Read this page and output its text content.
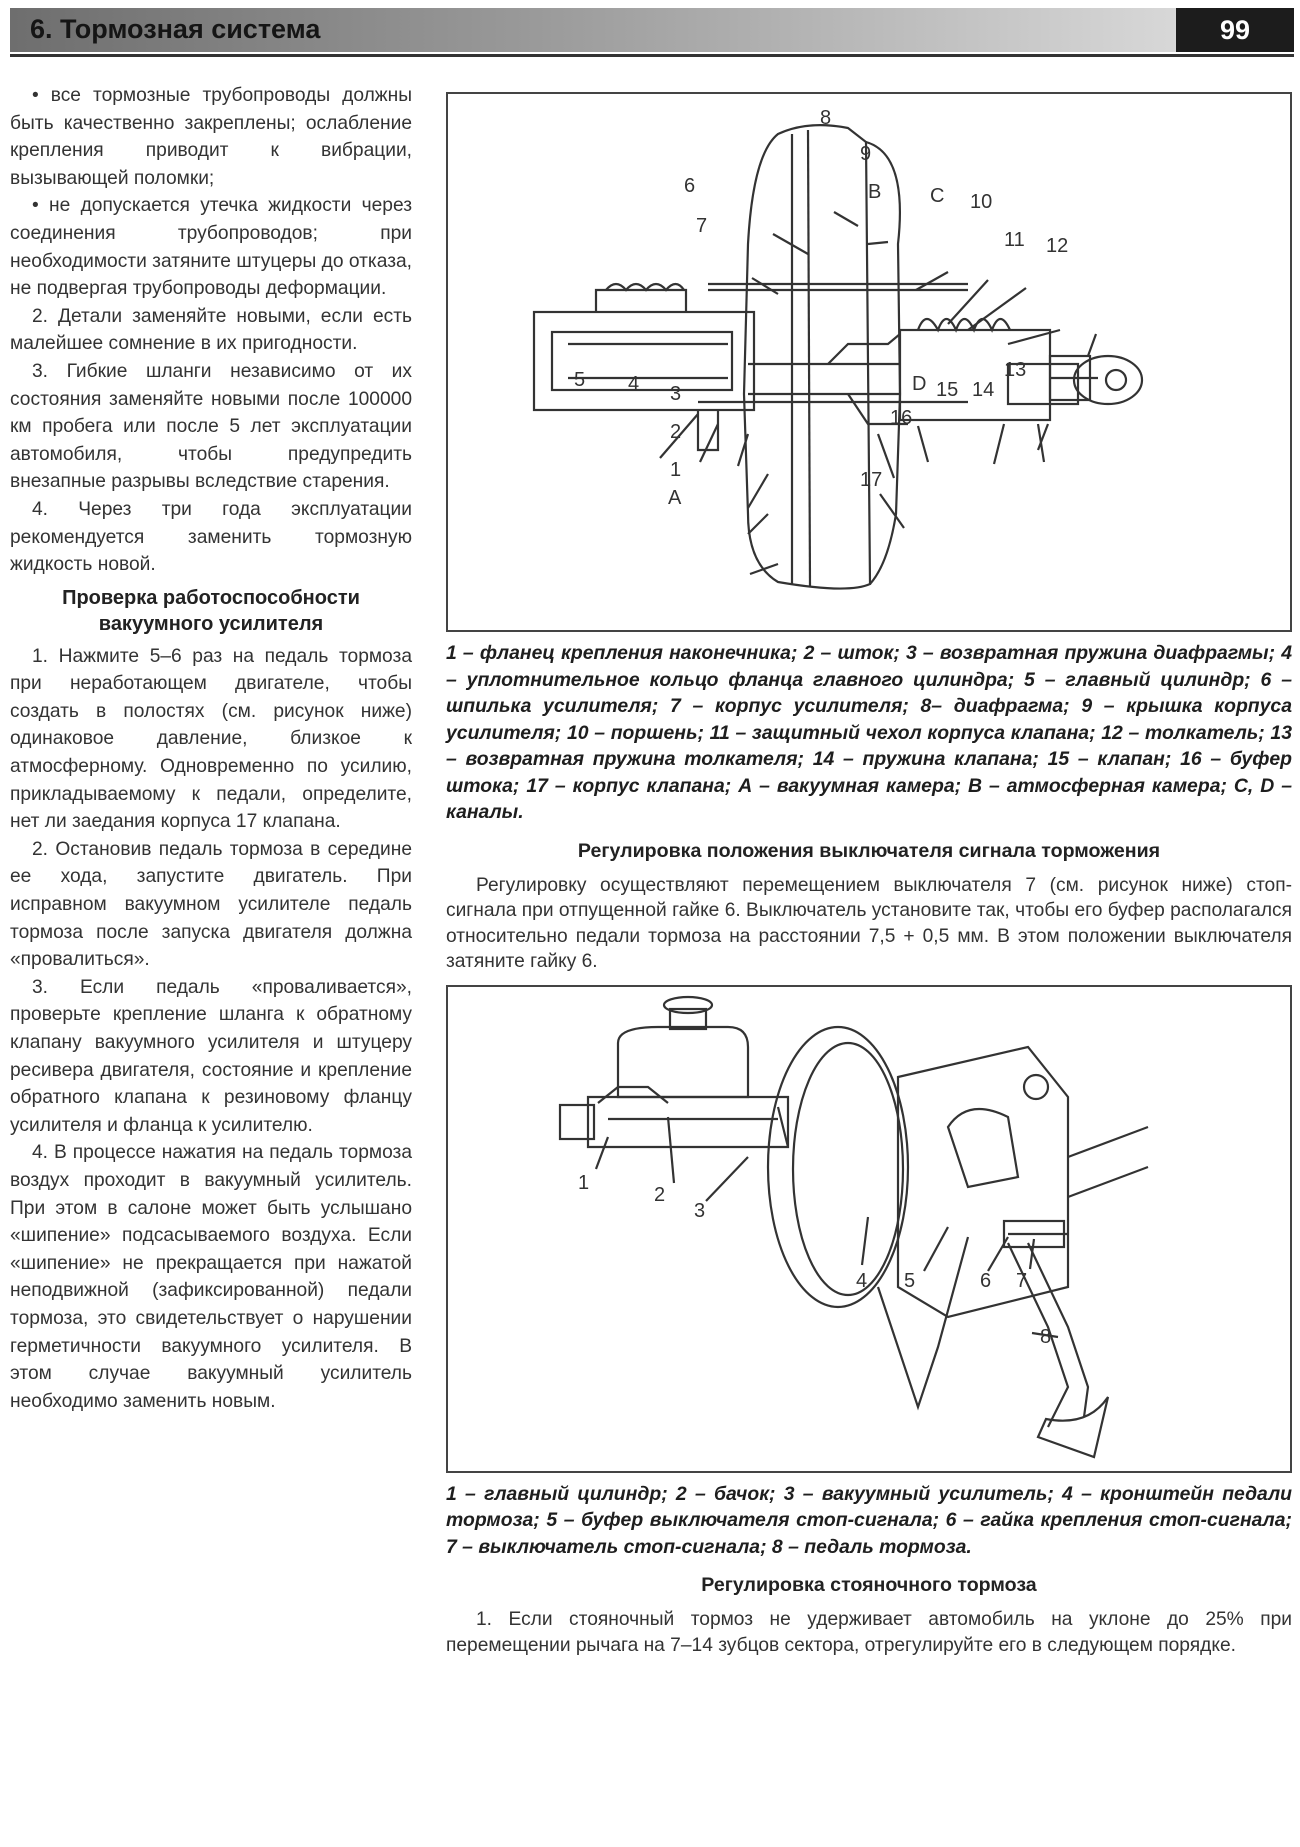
6. Тормозная система	99

• все тормозные трубопроводы должны быть качественно закреплены; ослабление крепления приводит к вибрации, вызывающей поломки;

• не допускается утечка жидкости через соединения трубопроводов; при необходимости затяните штуцеры до отказа, не подвергая трубопроводы деформации.

2. Детали заменяйте новыми, если есть малейшее сомнение в их пригодности.

3. Гибкие шланги независимо от их состояния заменяйте новыми после 100000 км пробега или после 5 лет эксплуатации автомобиля, чтобы предупредить внезапные разрывы вследствие старения.

4. Через три года эксплуатации рекомендуется заменить тормозную жидкость новой.

Проверка работоспособности вакуумного усилителя

1. Нажмите 5–6 раз на педаль тормоза при неработающем двигателе, чтобы создать в полостях (см. рисунок ниже) одинаковое давление, близкое к атмосферному. Одновременно по усилию, прикладываемому к педали, определите, нет ли заедания корпуса 17 клапана.

2. Остановив педаль тормоза в середине ее хода, запустите двигатель. При исправном вакуумном усилителе педаль тормоза после запуска двигателя должна «провалиться».

3. Если педаль «проваливается», проверьте крепление шланга к обратному клапану вакуумного усилителя и штуцеру ресивера двигателя, состояние и крепление обратного клапана к резиновому фланцу усилителя и фланца к усилителю.

4. В процессе нажатия на педаль тормоза воздух проходит в вакуумный усилитель. При этом в салоне может быть услышано «шипение» подсасываемого воздуха. Если «шипение» не прекращается при нажатой неподвижной (зафиксированной) педали тормоза, это свидетельствует о нарушении герметичности вакуумного усилителя. В этом случае вакуумный усилитель необходимо заменить новым.

8
7
9
6	B C 10
11 12
5 4 3	D 15 14
13
2
16
1	17
A
1 – фланец крепления наконечника; 2 – шток; 3 – возвратная пружина диафрагмы; 4 – уплотнительное кольцо фланца главного цилиндра; 5 – главный цилиндр; 6 – шпилька усилителя; 7 – корпус усилителя; 8– диафрагма; 9 – крышка корпуса усилителя; 10 – поршень; 11 – защитный чехол корпуса клапана; 12 – толкатель; 13 – возвратная пружина толкателя; 14 – пружина клапана; 15 – клапан; 16 – буфер штока; 17 – корпус клапана; А – вакуумная камера; В – атмосферная камера; С, D – каналы.
Регулировка положения выключателя сигнала торможения
Регулировку осуществляют перемещением выключателя 7 (см. рисунок ниже) стоп-сигнала при отпущенной гайке 6. Выключатель установите так, чтобы его буфер располагался относительно педали тормоза на расстоянии 7,5 + 0,5 мм. В этом положении выключателя затяните гайку 6.
1
2
3
4 5	6 7
8
1 – главный цилиндр; 2 – бачок; 3 – вакуумный усилитель; 4 – кронштейн педали тормоза; 5 – буфер выключателя стоп-сигнала; 6 – гайка крепления стоп-сигнала; 7 – выключатель стоп-сигнала; 8 – педаль тормоза.
Регулировка стояночного тормоза
1. Если стояночный тормоз не удерживает автомобиль на уклоне до 25% при перемещении рычага на 7–14 зубцов сектора, отрегулируйте его в следующем порядке.
